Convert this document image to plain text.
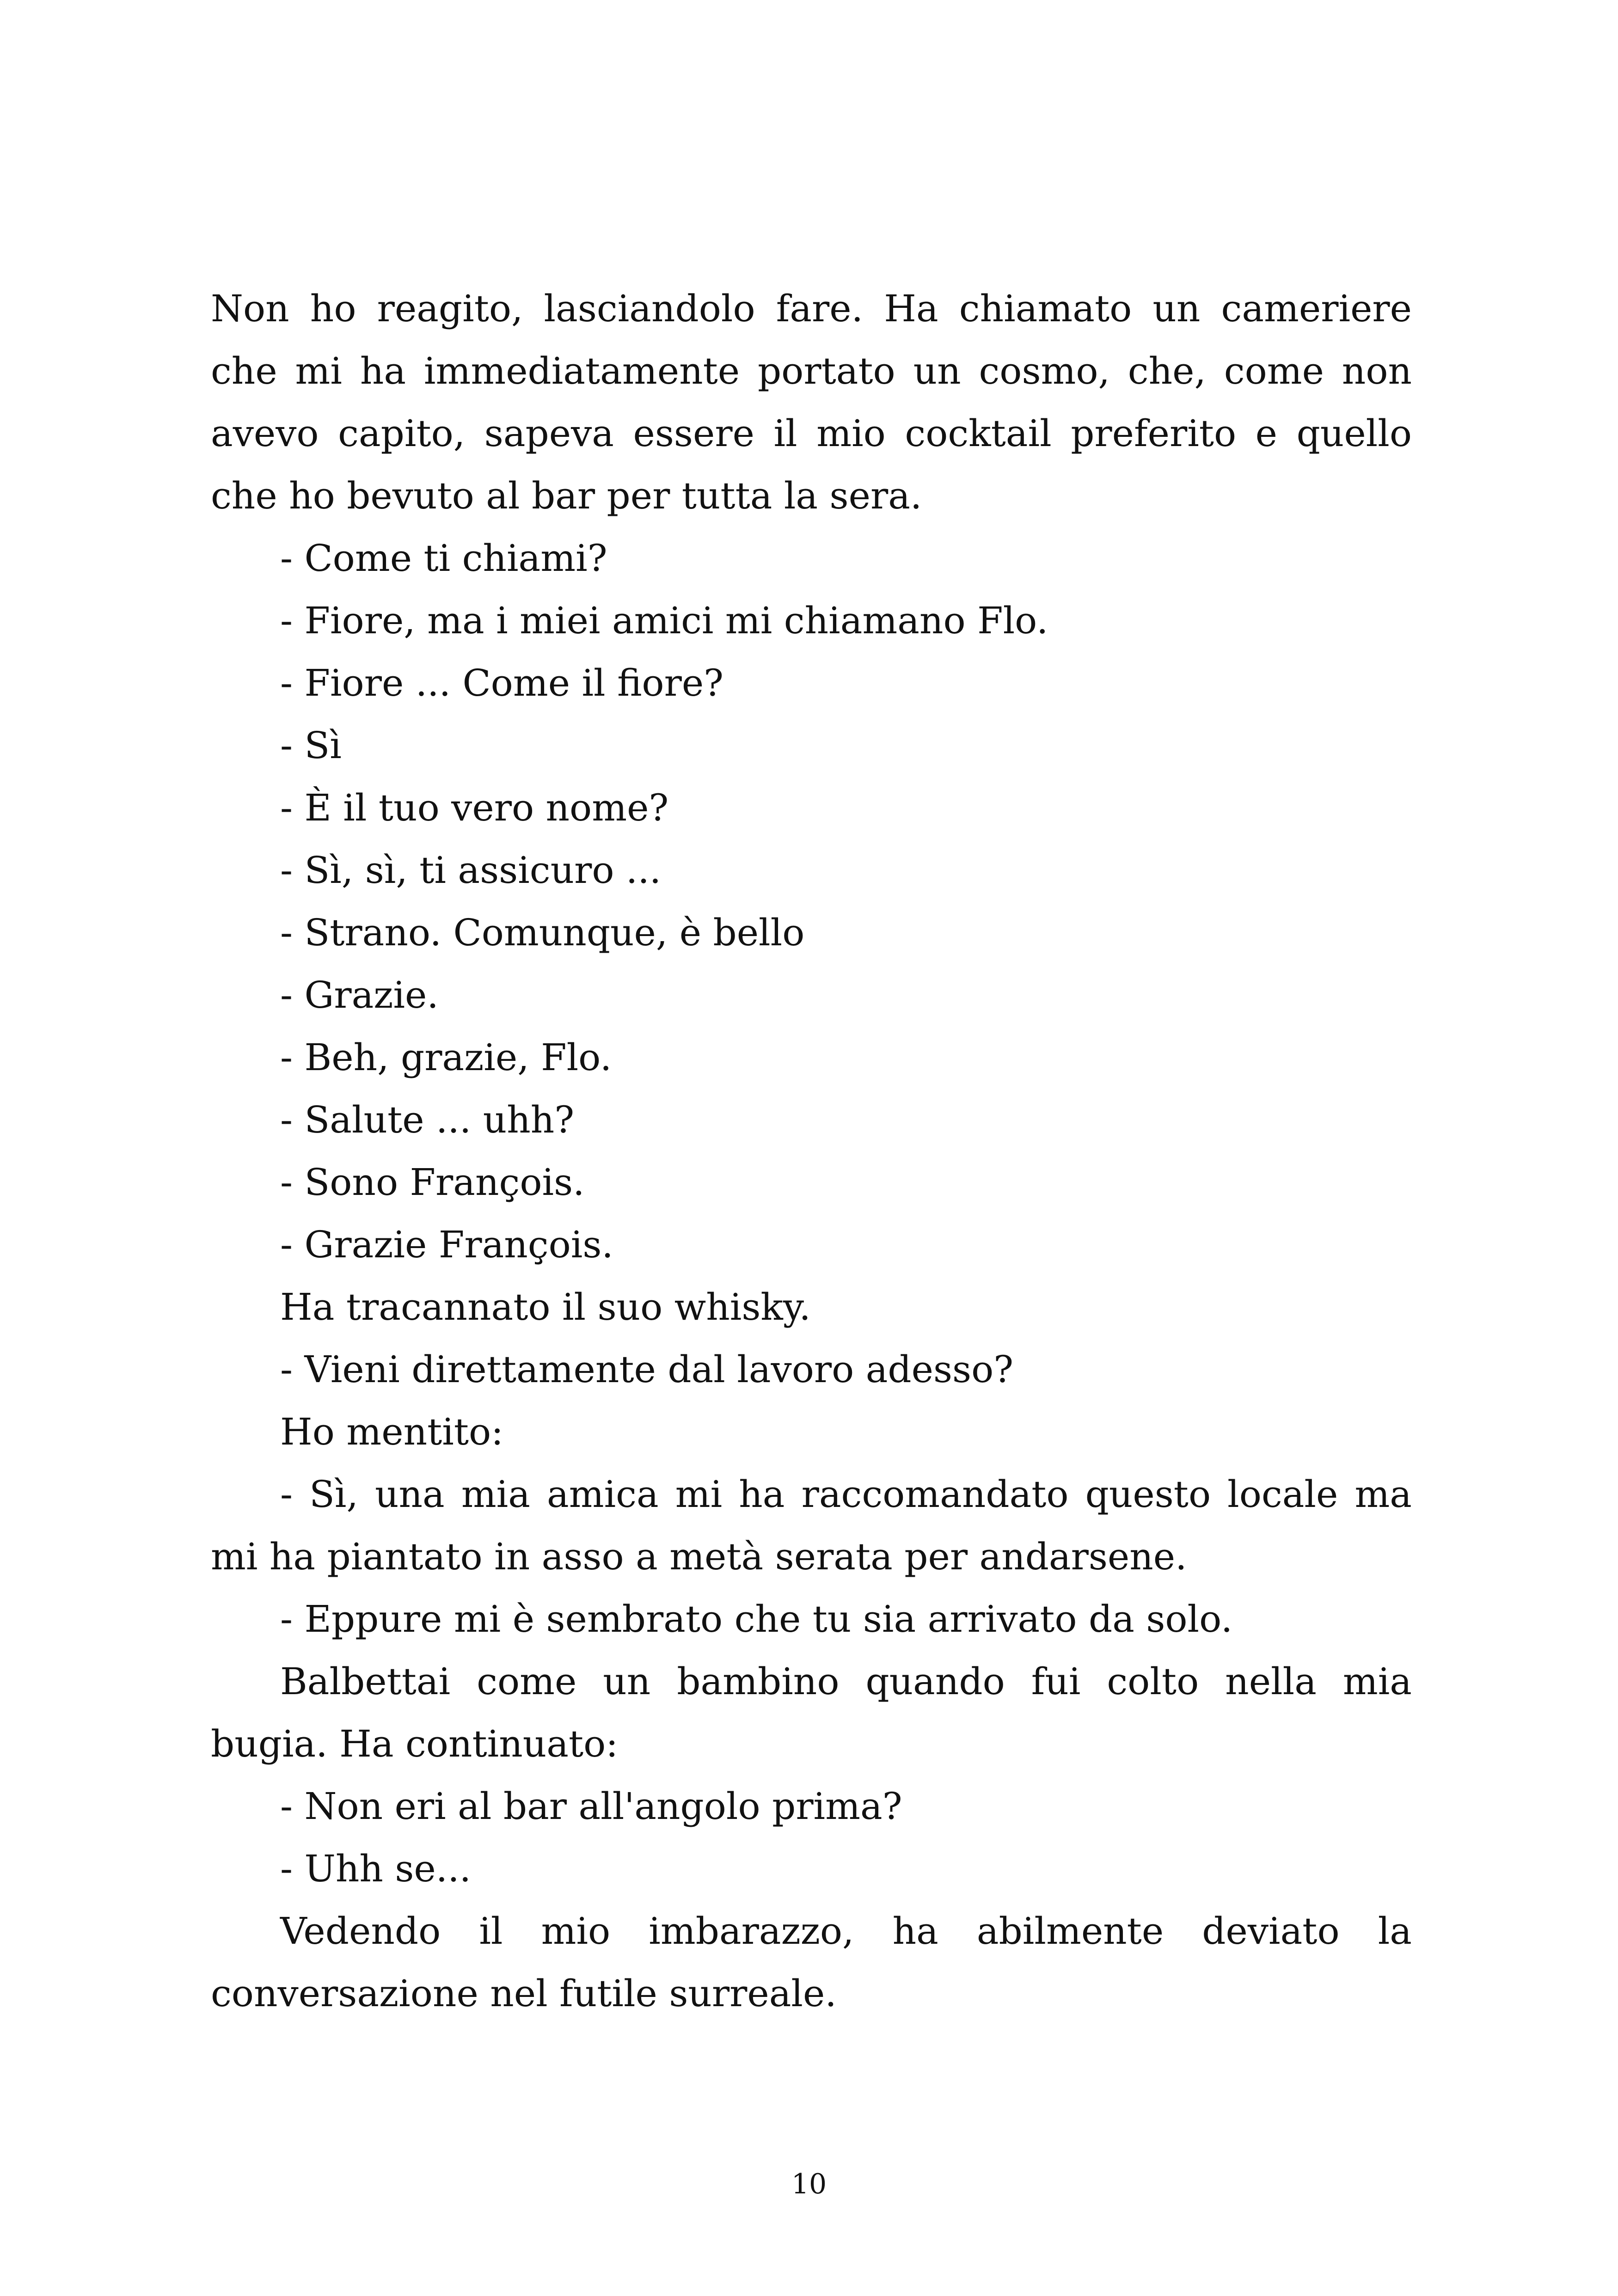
Non ho reagito, lasciandolo fare. Ha chiamato un cameriere che mi ha immediatamente portato un cosmo, che, come non avevo capito, sapeva essere il mio cocktail preferito e quello che ho bevuto al bar per tutta la sera.

- Come ti chiami?

- Fiore, ma i miei amici mi chiamano Flo.

- Fiore ... Come il fiore?

- Sì

- È il tuo vero nome?

- Sì, sì, ti assicuro ...

- Strano. Comunque, è bello

- Grazie.

- Beh, grazie, Flo.

- Salute ... uhh?

- Sono François.

- Grazie François.

Ha tracannato il suo whisky.

- Vieni direttamente dal lavoro adesso?

Ho mentito:

- Sì, una mia amica mi ha raccomandato questo locale ma mi ha piantato in asso a metà serata per andarsene.

- Eppure mi è sembrato che tu sia arrivato da solo.

Balbettai come un bambino quando fui colto nella mia bugia. Ha continuato:

- Non eri al bar all'angolo prima?

- Uhh se...

Vedendo il mio imbarazzo, ha abilmente deviato la conversazione nel futile surreale.

10
